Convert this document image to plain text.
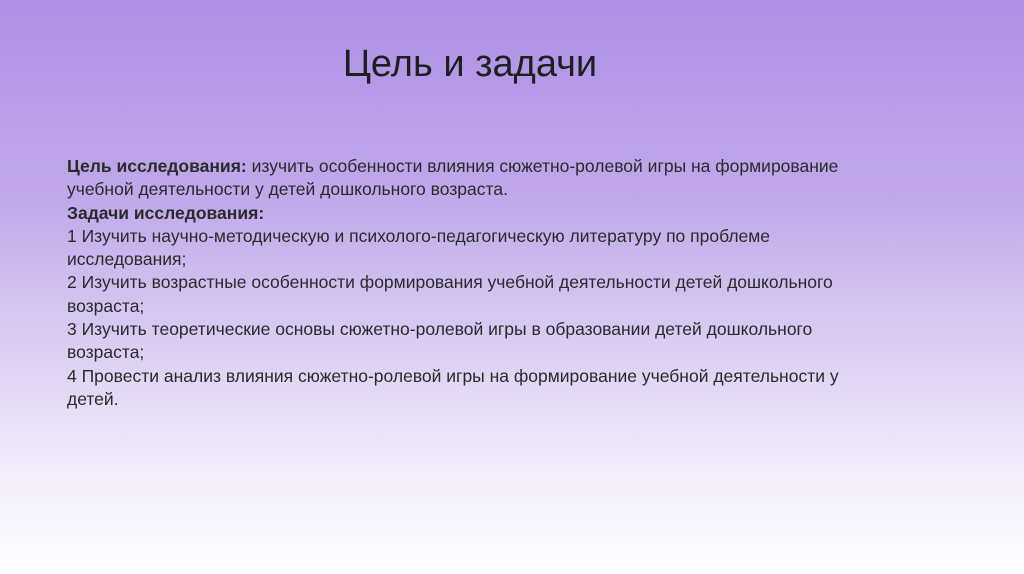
Цель и задачи

Цель исследования: изучить особенности влияния сюжетно-ролевой игры на формирование учебной деятельности у детей дошкольного возраста.

Задачи исследования:

1 Изучить научно-методическую и психолого-педагогическую литературу по проблеме исследования;

2 Изучить возрастные особенности формирования учебной деятельности детей дошкольного возраста;

3 Изучить теоретические основы сюжетно-ролевой игры в образовании детей дошкольного возраста;

4 Провести анализ влияния сюжетно-ролевой игры на формирование учебной деятельности у детей.
